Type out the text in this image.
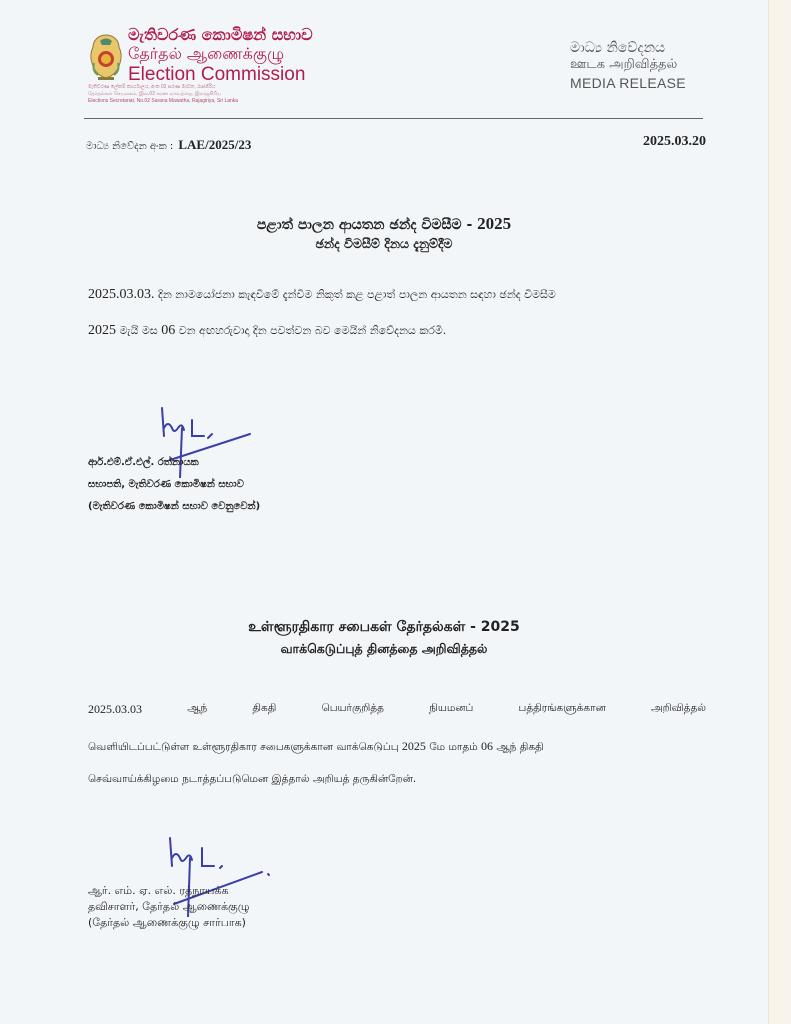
මැතිවරණ කොමිෂන් සභාව
தேர்தல் ஆணைக்குழு
Election Commission
මැතිවරණ ලේකම් කාර්යාලය, අංක 02 සරණ මාවත, රාජගිරිය
தேர்தல்கள் செயலகம், இல.02 சரண மாவத்தை, இராஜகிரிய
Elections Secretariat, No.02 Sarana Mawatha, Rajagiriya, Sri Lanka
මාධ්‍ය නිවේදනය
ஊடக அறிவித்தல்
MEDIA RELEASE
මාධ්‍ය නිවේදන අංක : LAE/2025/23	2025.03.20
පළාත් පාලන ආයතන ඡන්ද විමසීම - 2025
ඡන්ද විමසීම් දිනය දැනුම්දීම
2025.03.03. දින නාමයෝජනා කැඳවීමේ දැන්වීම නිකුත් කළ පළාත් පාලන ආයතන සඳහා ඡන්ද විමසීම
2025 මැයි මස 06 වන අඟහරුවාදා දින පවත්වන බව මෙයින් නිවේදනය කරමි.
ආර්.එම්.ඒ.එල්. රත්නායක
සභාපති, මැතිවරණ කොමිෂන් සභාව
(මැතිවරණ කොමිෂන් සභාව වෙනුවෙන්)
உள்ளூரதிகார சபைகள் தேர்தல்கள் - 2025
வாக்கெடுப்புத் தினத்தை அறிவித்தல்
2025.03.03	ஆந்	திகதி	பெயர்குறித்த	நியமனப்	பத்திரங்களுக்கான	அறிவித்தல்
வெளியிடப்பட்டுள்ள உள்ளூரதிகார சபைகளுக்கான வாக்கெடுப்பு 2025 மே மாதம் 06 ஆந் திகதி
செவ்வாய்க்கிழமை நடாத்தப்படுமென இத்தால் அறியத் தருகின்றேன்.
ஆர். எம். ஏ. எல். ரத்நாயக்க
தவிசாளர், தேர்தல் ஆணைக்குழு
(தேர்தல் ஆணைக்குழு சார்பாக)
